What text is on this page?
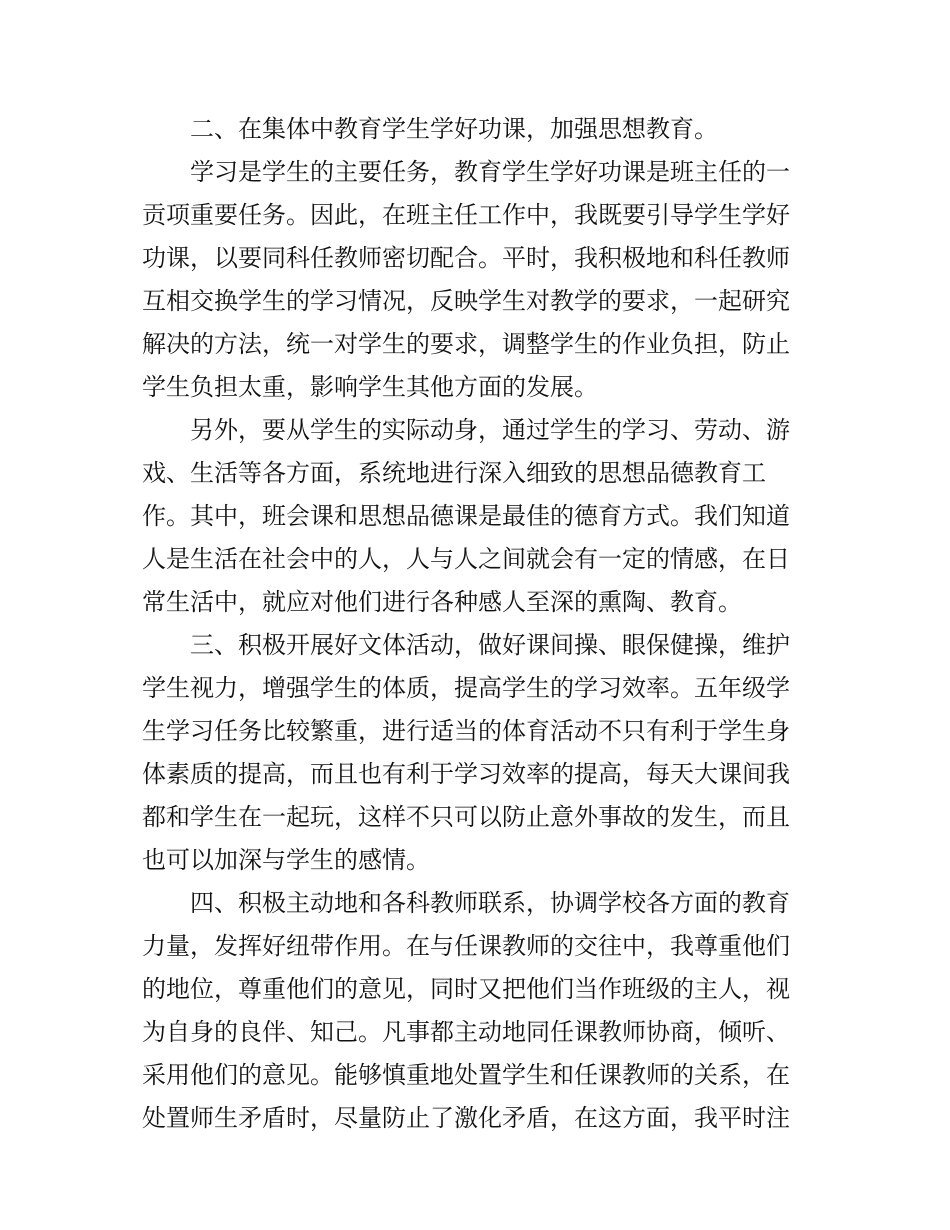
二、在集体中教育学生学好功课，加强思想教育。
学习是学生的主要任务，教育学生学好功课是班主任的一
贡项重要任务。因此，在班主任工作中，我既要引导学生学好
功课，以要同科任教师密切配合。平时，我积极地和科任教师
互相交换学生的学习情况，反映学生对教学的要求，一起研究
解决的方法，统一对学生的要求，调整学生的作业负担，防止
学生负担太重，影响学生其他方面的发展。
另外，要从学生的实际动身，通过学生的学习、劳动、游
戏、生活等各方面，系统地进行深入细致的思想品德教育工
作。其中，班会课和思想品德课是最佳的德育方式。我们知道
人是生活在社会中的人，人与人之间就会有一定的情感，在日
常生活中，就应对他们进行各种感人至深的熏陶、教育。
三、积极开展好文体活动，做好课间操、眼保健操，维护
学生视力，增强学生的体质，提高学生的学习效率。五年级学
生学习任务比较繁重，进行适当的体育活动不只有利于学生身
体素质的提高，而且也有利于学习效率的提高，每天大课间我
都和学生在一起玩，这样不只可以防止意外事故的发生，而且
也可以加深与学生的感情。
四、积极主动地和各科教师联系，协调学校各方面的教育
力量，发挥好纽带作用。在与任课教师的交往中，我尊重他们
的地位，尊重他们的意见，同时又把他们当作班级的主人，视
为自身的良伴、知己。凡事都主动地同任课教师协商，倾听、
采用他们的意见。能够慎重地处置学生和任课教师的关系，在
处置师生矛盾时，尽量防止了激化矛盾，在这方面，我平时注
